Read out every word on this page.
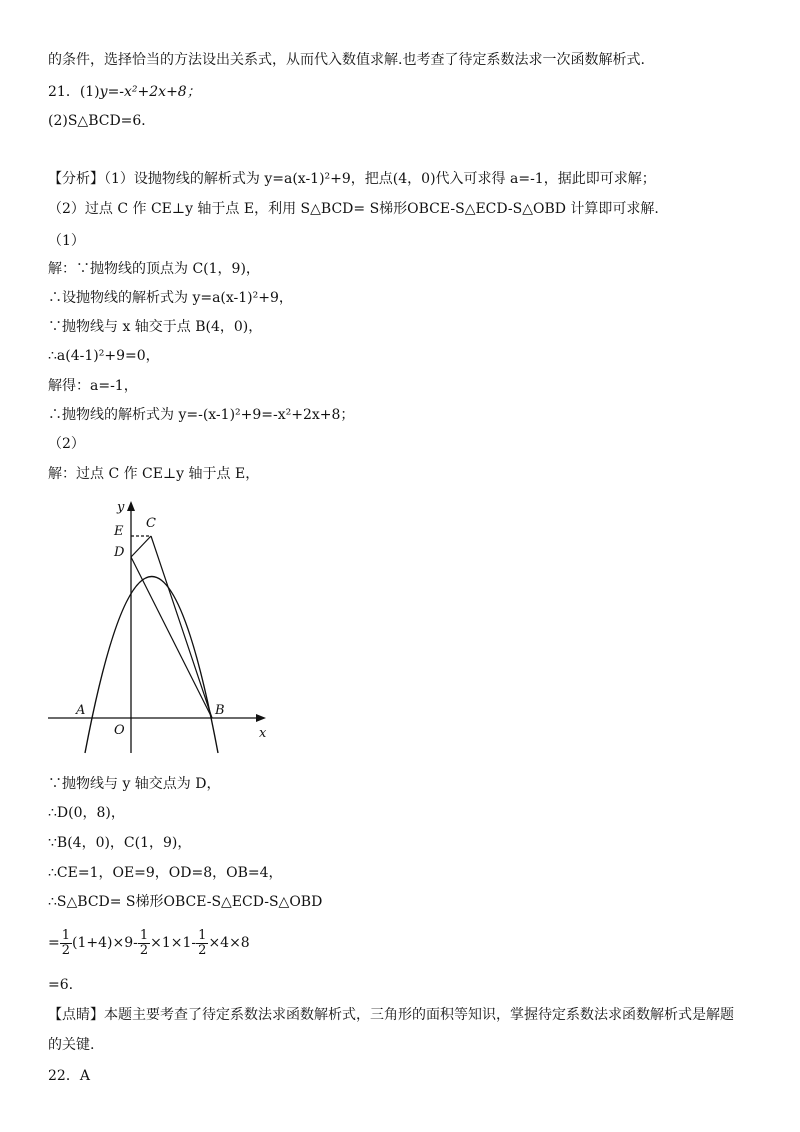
的条件，选择恰当的方法设出关系式，从而代入数值求解.也考查了待定系数法求一次函数解析式.
21．(1)y=-x²+2x+8；
(2)S△BCD=6．
【分析】（1）设抛物线的解析式为 y=a(x-1)²+9，把点(4，0)代入可求得 a=-1，据此即可求解；
（2）过点 C 作 CE⊥y 轴于点 E，利用 S△BCD= S梯形OBCE-S△ECD-S△OBD 计算即可求解.
（1）
解：∵抛物线的顶点为 C(1，9)，
∴设抛物线的解析式为 y=a(x-1)²+9，
∵抛物线与 x 轴交于点 B(4，0)，
∴a(4-1)²+9=0，
解得：a=-1，
∴抛物线的解析式为 y=-(x-1)²+9=-x²+2x+8；
（2）
解：过点 C 作 CE⊥y 轴于点 E，
y
E
C
D
A	B
O	x
∵抛物线与 y 轴交点为 D，
∴D(0，8)，
∵B(4，0)，C(1，9)，
∴CE=1，OE=9，OD=8，OB=4，
∴S△BCD= S梯形OBCE-S△ECD-S△OBD
= $\frac{1}{2} (1+4)\times 9- \frac{1}{2} \times 1\times 1- \frac{1}{2} \times 4\times 8$
=6.
【点睛】本题主要考查了待定系数法求函数解析式，三角形的面积等知识，掌握待定系数法求函数解析式是解题
的关键.
22．A
